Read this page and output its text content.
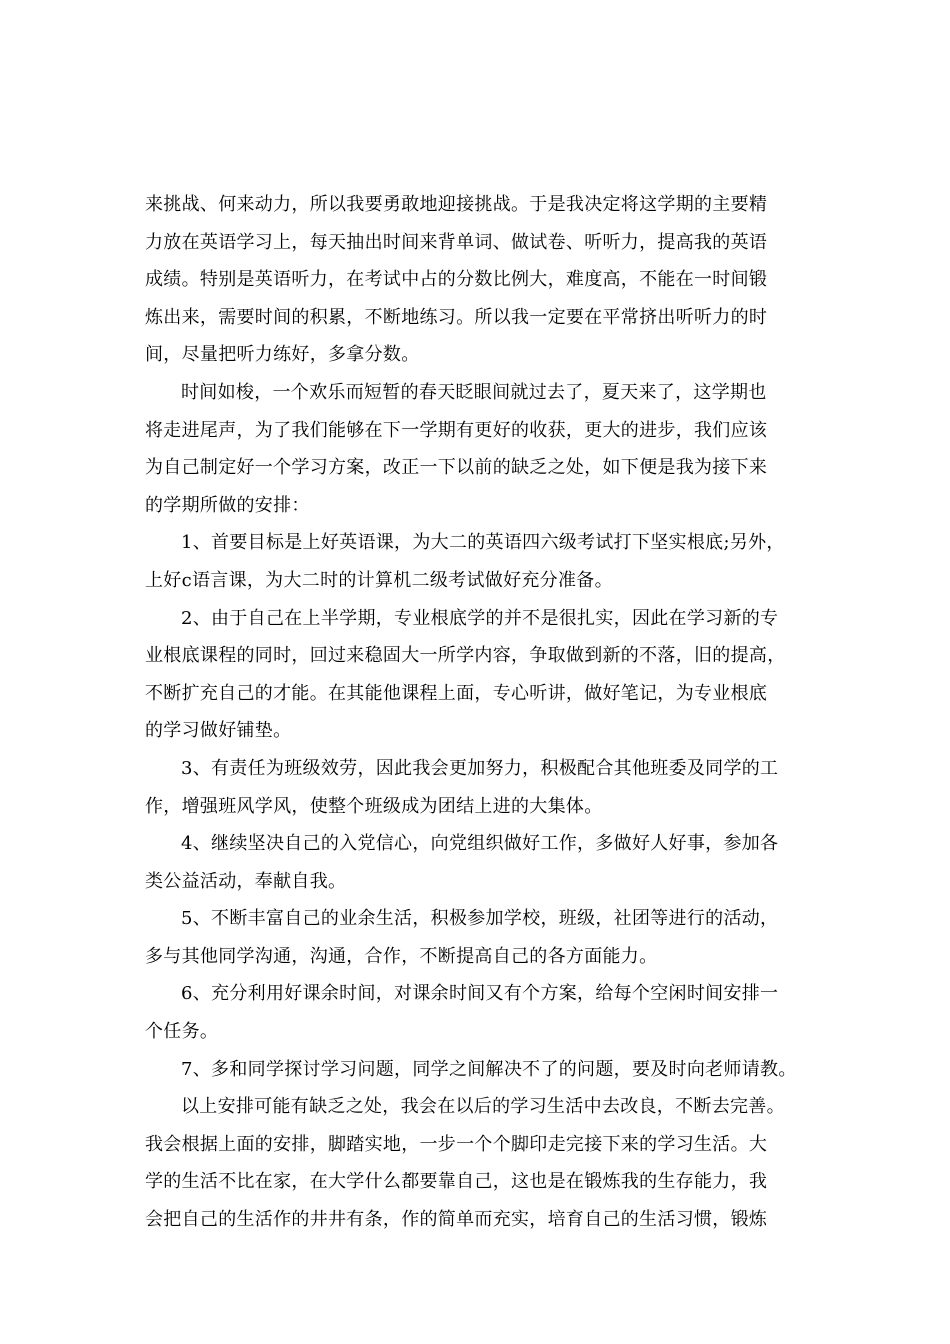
来挑战、何来动力，所以我要勇敢地迎接挑战。于是我决定将这学期的主要精
力放在英语学习上，每天抽出时间来背单词、做试卷、听听力，提高我的英语
成绩。特别是英语听力，在考试中占的分数比例大，难度高，不能在一时间锻
炼出来，需要时间的积累，不断地练习。所以我一定要在平常挤出听听力的时
间，尽量把听力练好，多拿分数。
时间如梭，一个欢乐而短暂的春天眨眼间就过去了，夏天来了，这学期也
将走进尾声，为了我们能够在下一学期有更好的收获，更大的进步，我们应该
为自己制定好一个学习方案，改正一下以前的缺乏之处，如下便是我为接下来
的学期所做的安排：
1、首要目标是上好英语课，为大二的英语四六级考试打下坚实根底;另外，
上好c语言课，为大二时的计算机二级考试做好充分准备。
2、由于自己在上半学期，专业根底学的并不是很扎实，因此在学习新的专
业根底课程的同时，回过来稳固大一所学内容，争取做到新的不落，旧的提高，
不断扩充自己的才能。在其能他课程上面，专心听讲，做好笔记，为专业根底
的学习做好铺垫。
3、有责任为班级效劳，因此我会更加努力，积极配合其他班委及同学的工
作，增强班风学风，使整个班级成为团结上进的大集体。
4、继续坚决自己的入党信心，向党组织做好工作，多做好人好事，参加各
类公益活动，奉献自我。
5、不断丰富自己的业余生活，积极参加学校，班级，社团等进行的活动，
多与其他同学沟通，沟通，合作，不断提高自己的各方面能力。
6、充分利用好课余时间，对课余时间又有个方案，给每个空闲时间安排一
个任务。
7、多和同学探讨学习问题，同学之间解决不了的问题，要及时向老师请教。
以上安排可能有缺乏之处，我会在以后的学习生活中去改良，不断去完善。
我会根据上面的安排，脚踏实地，一步一个个脚印走完接下来的学习生活。大
学的生活不比在家，在大学什么都要靠自己，这也是在锻炼我的生存能力，我
会把自己的生活作的井井有条，作的简单而充实，培育自己的生活习惯，锻炼
